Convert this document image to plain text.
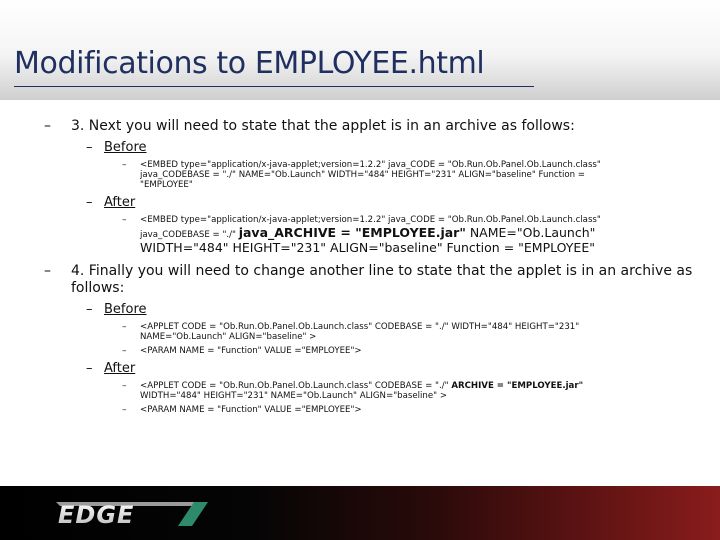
Modifications to EMPLOYEE.html
– 3. Next you will need to state that the applet is in an archive as follows:
– Before
– <EMBED type="application/x-java-applet;version=1.2.2" java_CODE = "Ob.Run.Ob.Panel.Ob.Launch.class" java_CODEBASE = "./" NAME="Ob.Launch" WIDTH="484" HEIGHT="231" ALIGN="baseline" Function = "EMPLOYEE"
– After
– <EMBED type="application/x-java-applet;version=1.2.2" java_CODE = "Ob.Run.Ob.Panel.Ob.Launch.class" java_CODEBASE = "./" java_ARCHIVE = "EMPLOYEE.jar" NAME="Ob.Launch" WIDTH="484" HEIGHT="231" ALIGN="baseline" Function = "EMPLOYEE"
– 4. Finally you will need to change another line to state that the applet is in an archive as follows:
– Before
– <APPLET CODE = "Ob.Run.Ob.Panel.Ob.Launch.class" CODEBASE = "./" WIDTH="484" HEIGHT="231" NAME="Ob.Launch" ALIGN="baseline" >
– <PARAM NAME = "Function" VALUE ="EMPLOYEE">
– After
– <APPLET CODE = "Ob.Run.Ob.Panel.Ob.Launch.class" CODEBASE = "./" ARCHIVE = "EMPLOYEE.jar" WIDTH="484" HEIGHT="231" NAME="Ob.Launch" ALIGN="baseline" >
– <PARAM NAME = "Function" VALUE ="EMPLOYEE">
EDGE
